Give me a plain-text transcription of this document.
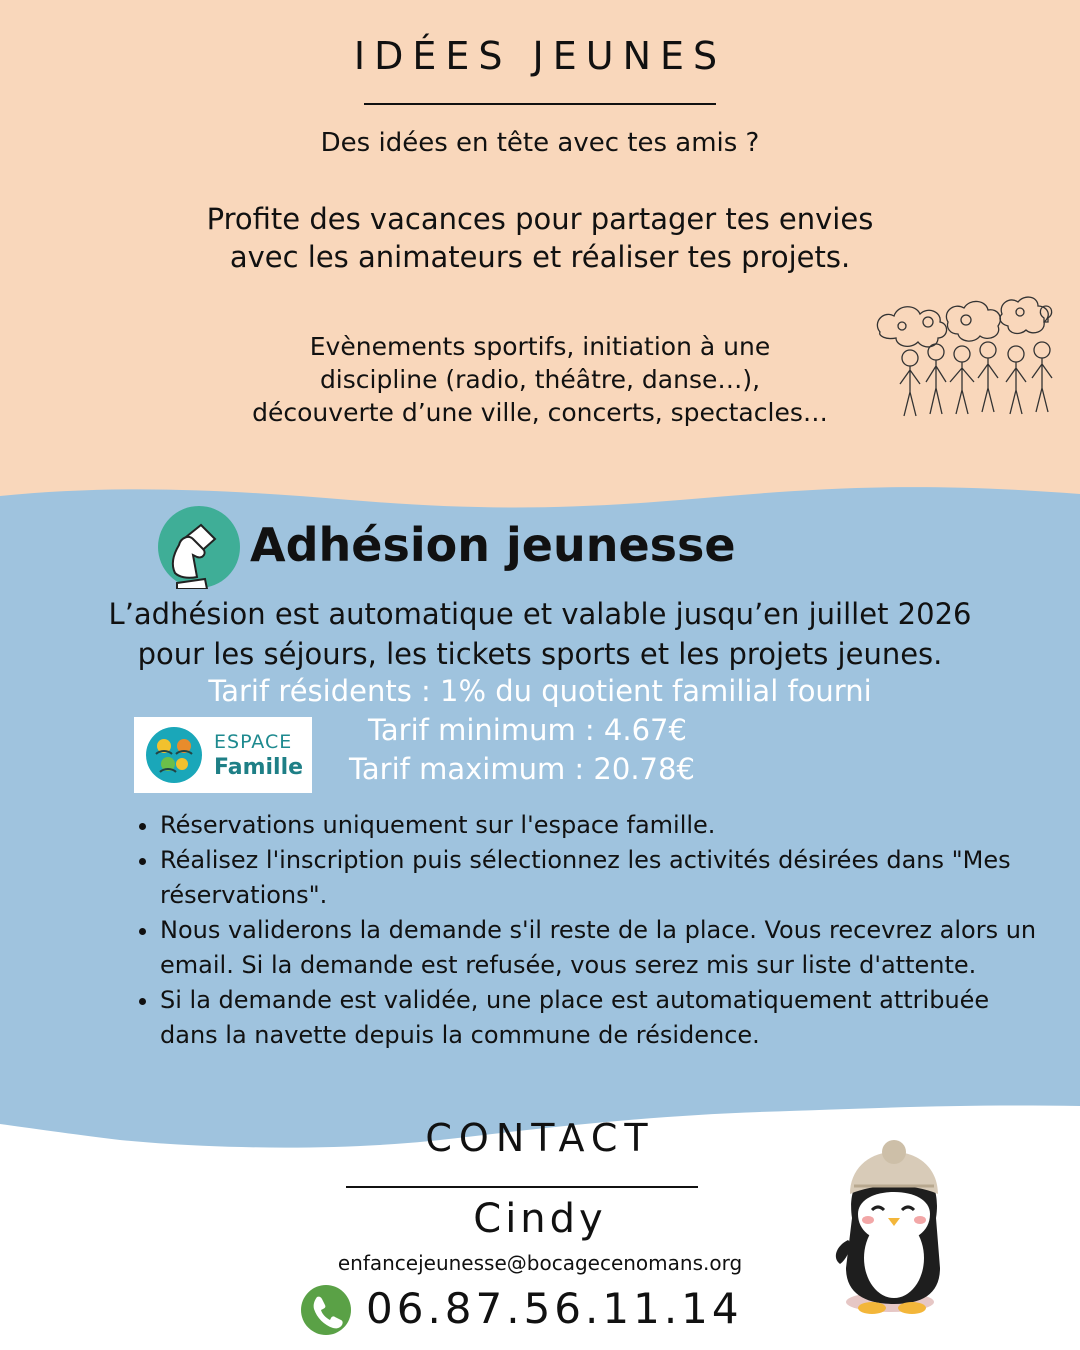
IDÉES JEUNES
Des idées en tête avec tes amis ?
Profite des vacances pour partager tes envies
avec les animateurs et réaliser tes projets.
Evènements sportifs, initiation à une
discipline (radio, théâtre, danse…),
découverte d’une ville, concerts, spectacles…
Adhésion jeunesse
L’adhésion est automatique et valable jusqu’en juillet 2026
pour les séjours, les tickets sports et les projets jeunes.
Tarif résidents : 1% du quotient familial fourni
Tarif minimum : 4.67€
Tarif maximum : 20.78€
ESPACE
Famille
• Réservations uniquement sur l'espace famille.
• Réalisez l'inscription puis sélectionnez les activités désirées dans "Mes réservations".
• Nous validerons la demande s'il reste de la place. Vous recevrez alors un email. Si la demande est refusée, vous serez mis sur liste d'attente.
• Si la demande est validée, une place est automatiquement attribuée dans la navette depuis la commune de résidence.
CONTACT
Cindy
enfancejeunesse@bocagecenomans.org
06.87.56.11.14
